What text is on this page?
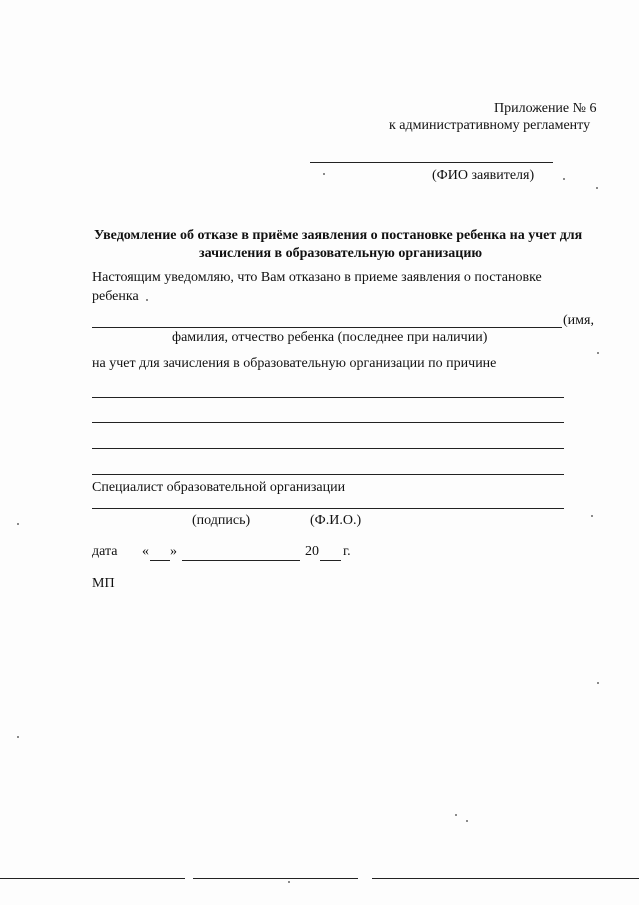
Приложение № 6
к административному регламенту
(ФИО заявителя)
Уведомление об отказе в приёме заявления о постановке ребенка на учет для
зачисления в образовательную организацию
Настоящим уведомляю, что Вам отказано в приеме заявления о постановке
ребенка
(имя,
фамилия, отчество ребенка (последнее при наличии)
на учет для зачисления в образовательную организации по причине
Специалист образовательной организации
(подпись)	(Ф.И.О.)
дата « »	20 г.
МП
